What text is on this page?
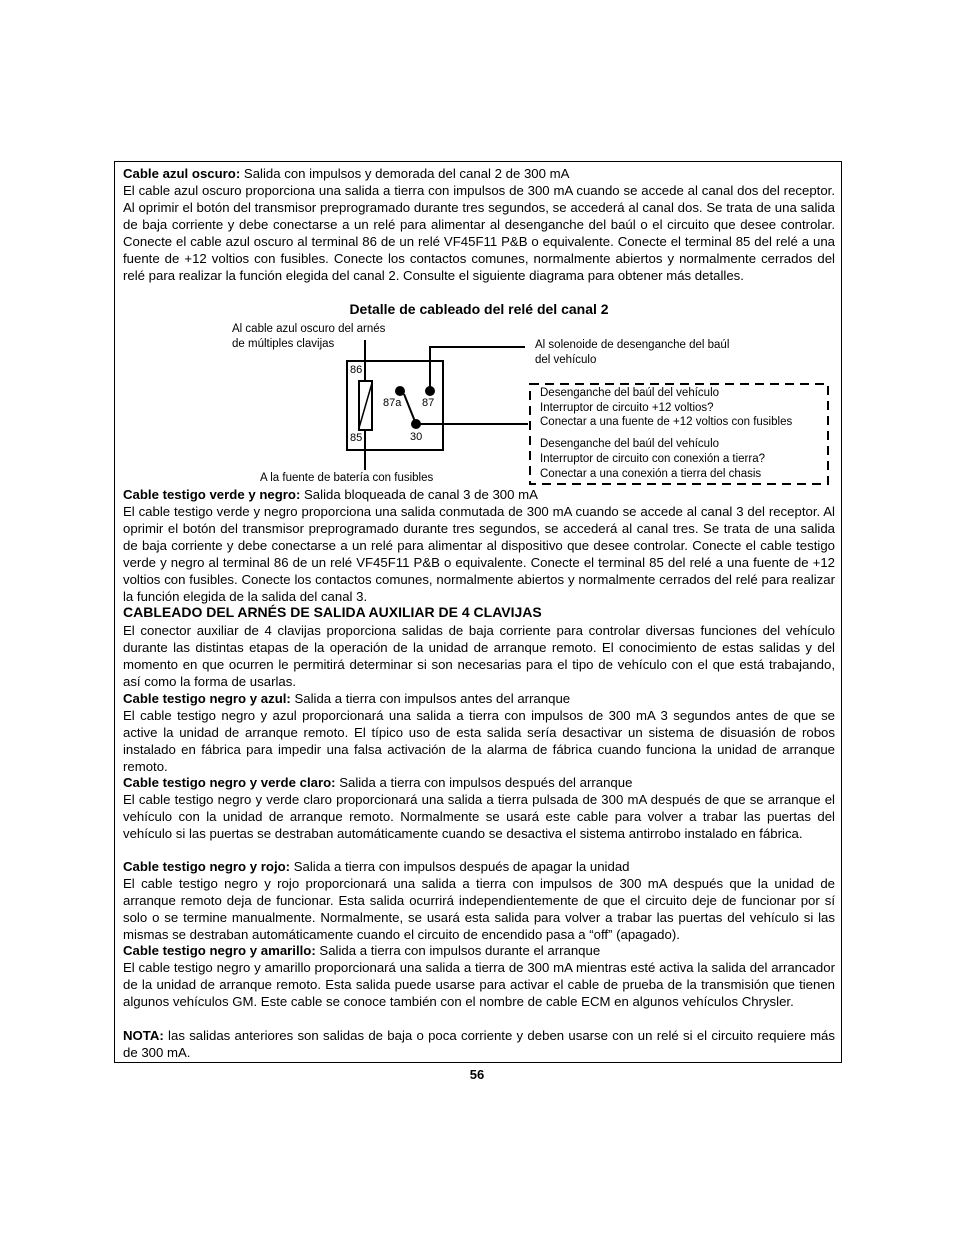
Cable azul oscuro: Salida con impulsos y demorada del canal 2 de 300 mA
El cable azul oscuro proporciona una salida a tierra con impulsos de 300 mA cuando se accede al canal dos del receptor. Al oprimir el botón del transmisor preprogramado durante tres segundos, se accederá al canal dos. Se trata de una salida de baja corriente y debe conectarse a un relé para alimentar al desenganche del baúl o el circuito que desee controlar. Conecte el cable azul oscuro al terminal 86 de un relé VF45F11 P&B o equivalente. Conecte el terminal 85 del relé a una fuente de +12 voltios con fusibles. Conecte los contactos comunes, normalmente abiertos y normalmente cerrados del relé para realizar la función elegida del canal 2. Consulte el siguiente diagrama para obtener más detalles.
Detalle de cableado del relé del canal 2
Al cable azul oscuro del arnés
de múltiples clavijas	Al solenoide de desenganche del baúl
del vehículo
86
85
87a 87
30
A la fuente de batería con fusibles
Desenganche del baúl del vehículo
Interruptor de circuito +12 voltios?
Conectar a una fuente de +12 voltios con fusibles
Desenganche del baúl del vehículo
Interruptor de circuito con conexión a tierra?
Conectar a una conexión a tierra del chasis
Cable testigo verde y negro: Salida bloqueada de canal 3 de 300 mA
El cable testigo verde y negro proporciona una salida conmutada de 300 mA cuando se accede al canal 3 del receptor. Al oprimir el botón del transmisor preprogramado durante tres segundos, se accederá al canal tres. Se trata de una salida de baja corriente y debe conectarse a un relé para alimentar al dispositivo que desee controlar. Conecte el cable testigo verde y negro al terminal 86 de un relé VF45F11 P&B o equivalente. Conecte el terminal 85 del relé a una fuente de +12 voltios con fusibles. Conecte los contactos comunes, normalmente abiertos y normalmente cerrados del relé para realizar la función elegida de la salida del canal 3.
CABLEADO DEL ARNÉS DE SALIDA AUXILIAR DE 4 CLAVIJAS
El conector auxiliar de 4 clavijas proporciona salidas de baja corriente para controlar diversas funciones del vehículo durante las distintas etapas de la operación de la unidad de arranque remoto. El conocimiento de estas salidas y del momento en que ocurren le permitirá determinar si son necesarias para el tipo de vehículo con el que está trabajando, así como la forma de usarlas.
Cable testigo negro y azul: Salida a tierra con impulsos antes del arranque
El cable testigo negro y azul proporcionará una salida a tierra con impulsos de 300 mA 3 segundos antes de que se active la unidad de arranque remoto. El típico uso de esta salida sería desactivar un sistema de disuasión de robos instalado en fábrica para impedir una falsa activación de la alarma de fábrica cuando funciona la unidad de arranque remoto.
Cable testigo negro y verde claro: Salida a tierra con impulsos después del arranque
El cable testigo negro y verde claro proporcionará una salida a tierra pulsada de 300 mA después de que se arranque el vehículo con la unidad de arranque remoto. Normalmente se usará este cable para volver a trabar las puertas del vehículo si las puertas se destraban automáticamente cuando se desactiva el sistema antirrobo instalado en fábrica.
Cable testigo negro y rojo: Salida a tierra con impulsos después de apagar la unidad
El cable testigo negro y rojo proporcionará una salida a tierra con impulsos de 300 mA después que la unidad de arranque remoto deja de funcionar. Esta salida ocurrirá independientemente de que el circuito deje de funcionar por sí solo o se termine manualmente. Normalmente, se usará esta salida para volver a trabar las puertas del vehículo si las mismas se destraban automáticamente cuando el circuito de encendido pasa a “off” (apagado).
Cable testigo negro y amarillo: Salida a tierra con impulsos durante el arranque
El cable testigo negro y amarillo proporcionará una salida a tierra de 300 mA mientras esté activa la salida del arrancador de la unidad de arranque remoto. Esta salida puede usarse para activar el cable de prueba de la transmisión que tienen algunos vehículos GM. Este cable se conoce también con el nombre de cable ECM en algunos vehículos Chrysler.
NOTA: las salidas anteriores son salidas de baja o poca corriente y deben usarse con un relé si el circuito requiere más de 300 mA.
56
